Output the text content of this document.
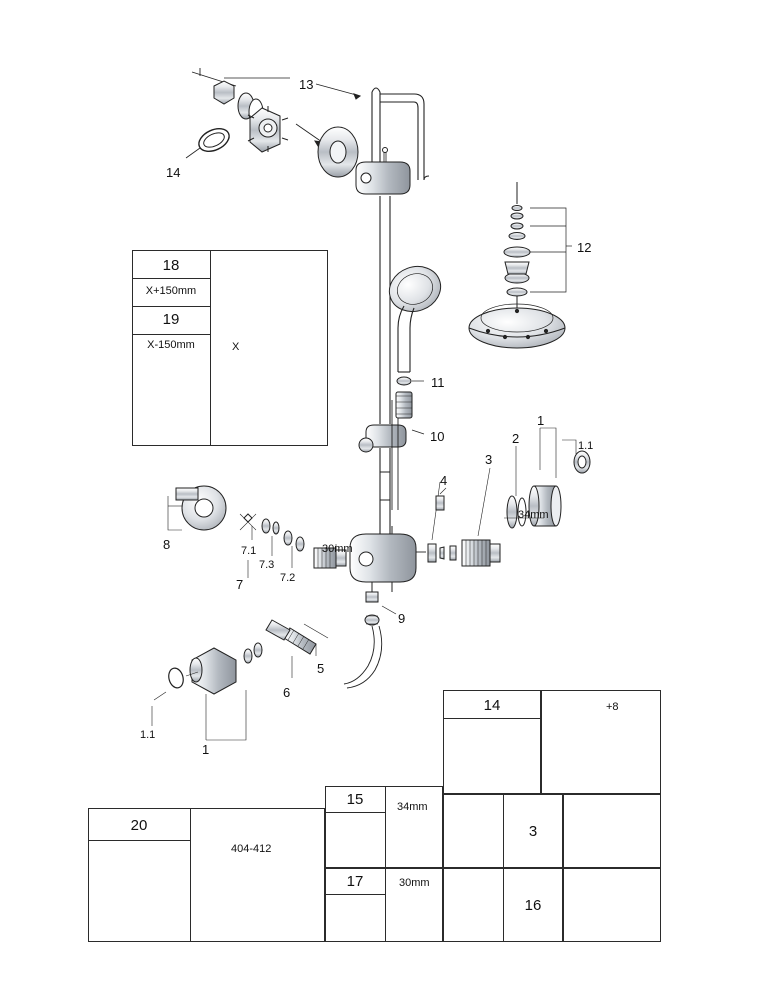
18
X+150mm
19
X-150mm
14
3
16
15
17
20
13
14
12
11
10
1
1.1
2
3
4
8
7
7.1
7.2
7.3
9
5
6
1
1.1
34mm
30mm
404-412
+8
X
34mm
30mm
